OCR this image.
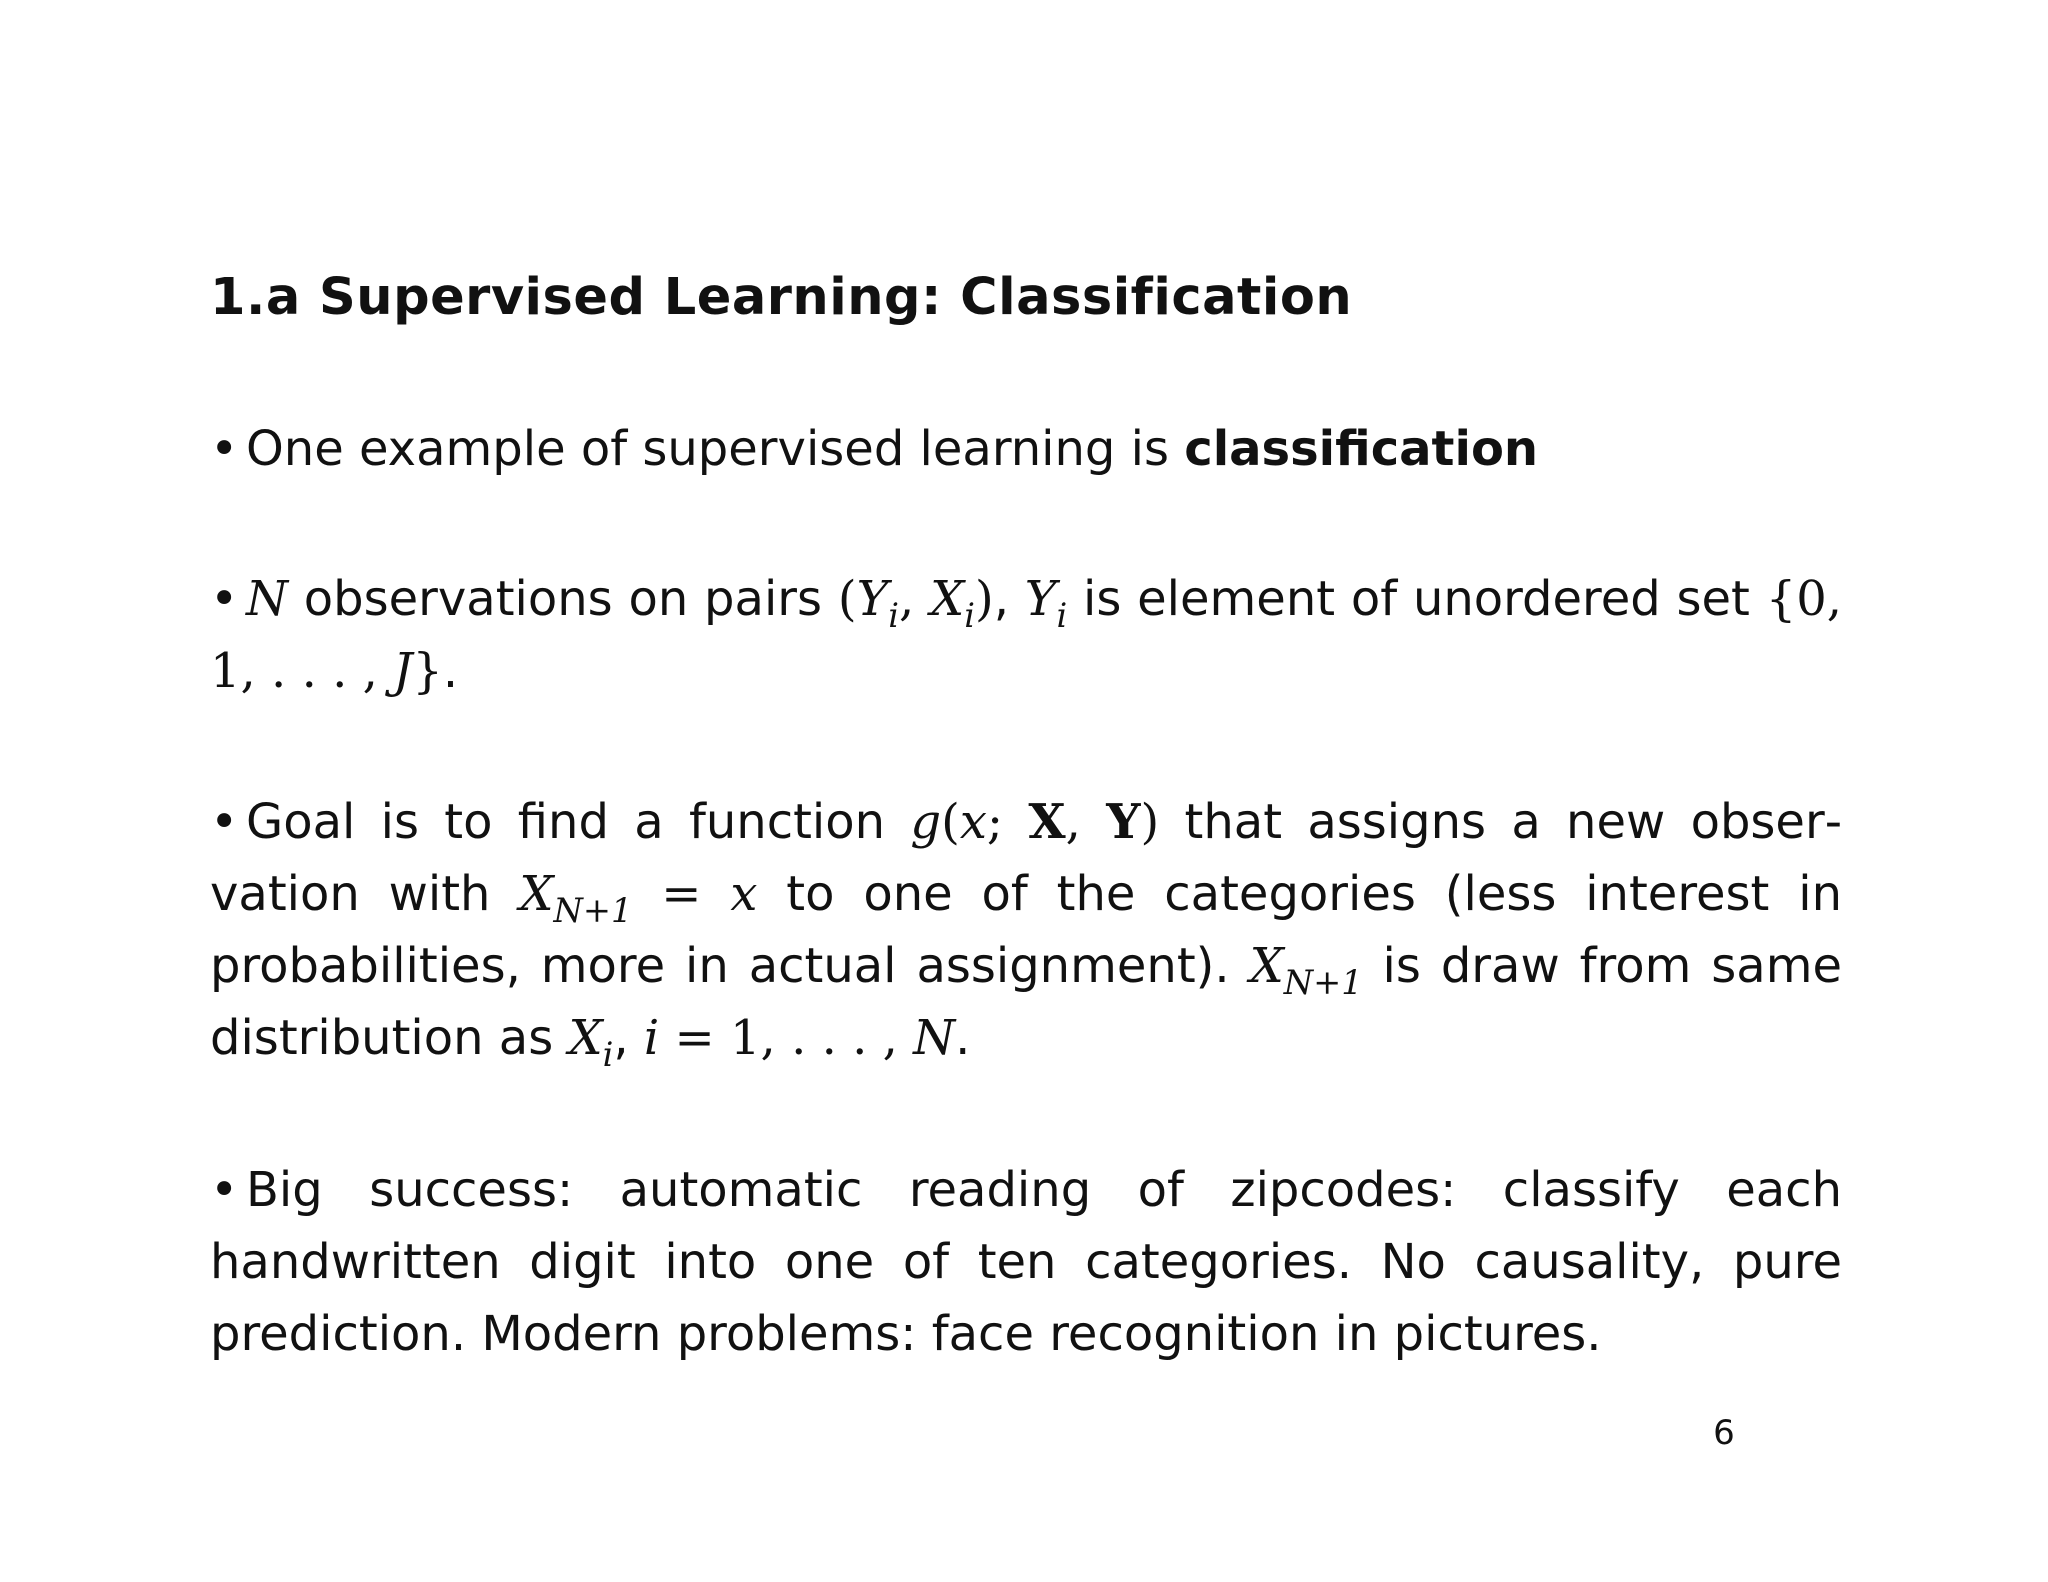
1.a Supervised Learning: Classification

• One example of supervised learning is classification

• N observations on pairs ($Y_i$, $X_i$), $Y_i$ is element of unordered set {0, 1, . . . , J}.

• Goal is to find a function g(x; X, Y) that assigns a new observation with $X_{N+1} = x$ to one of the categories (less interest in probabilities, more in actual assignment). $X_{N+1}$ is draw from same distribution as $X_i$, i = 1, . . . , N.

• Big success: automatic reading of zipcodes: classify each handwritten digit into one of ten categories. No causality, pure prediction. Modern problems: face recognition in pictures.

6
